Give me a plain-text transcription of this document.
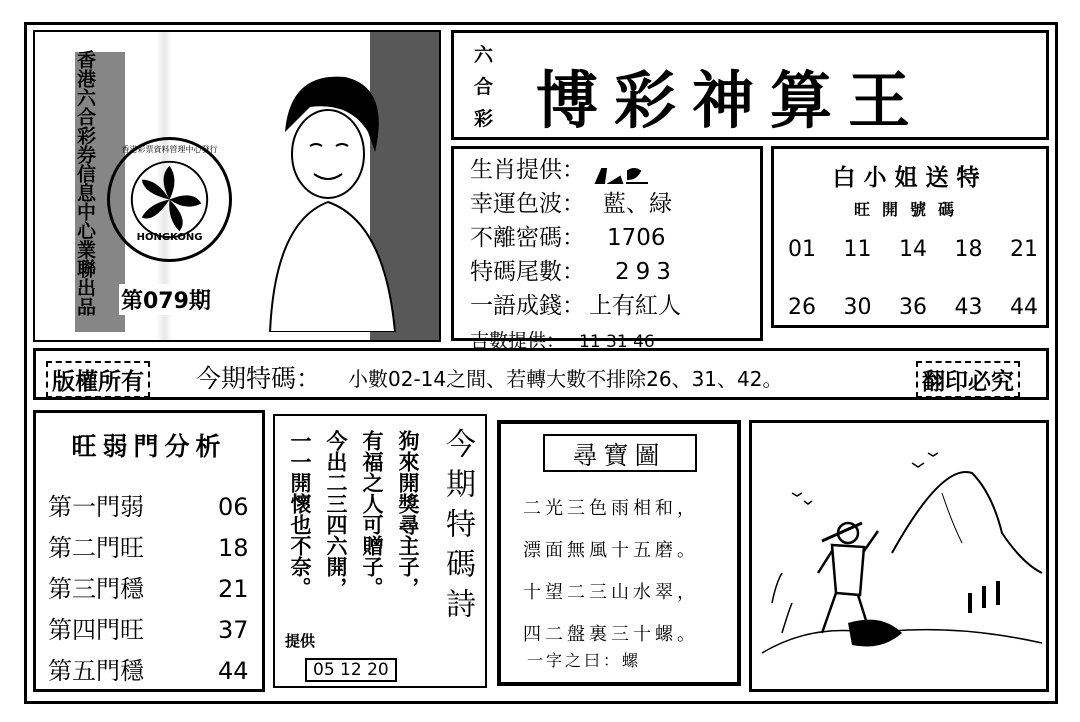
香港六合彩券信息中心業聯出品	HONGKONG
香港彩票資料管理中心發行
第079期
六
合
彩 博彩神算王
生肖提供：
幸運色波： 藍、緑
不離密碼： 1706
特碼尾數： 293
一語成錢： 上有紅人
吉數提供： 11 31 46
白小姐送特
旺開號碼
01 11 14 18 21
26 30 36 43 44
版權所有 今期特碼： 小數02-14之間、若轉大數不排除26、31、42。	翻印必究
旺弱門分析
第一門弱	06
第二門旺	18
第三門穩	21
第四門旺	37
第五門穩	44
狗來開獎尋主子，
有福之人可贈子。
今出二三四六開，
一一開懷也不奈。
提供
05 12 20
今期特碼詩	尋寶圖
二光三色雨相和，
漂面無風十五磨。
十望二三山水翠，
四二盤裏三十螺。
一字之曰：螺
